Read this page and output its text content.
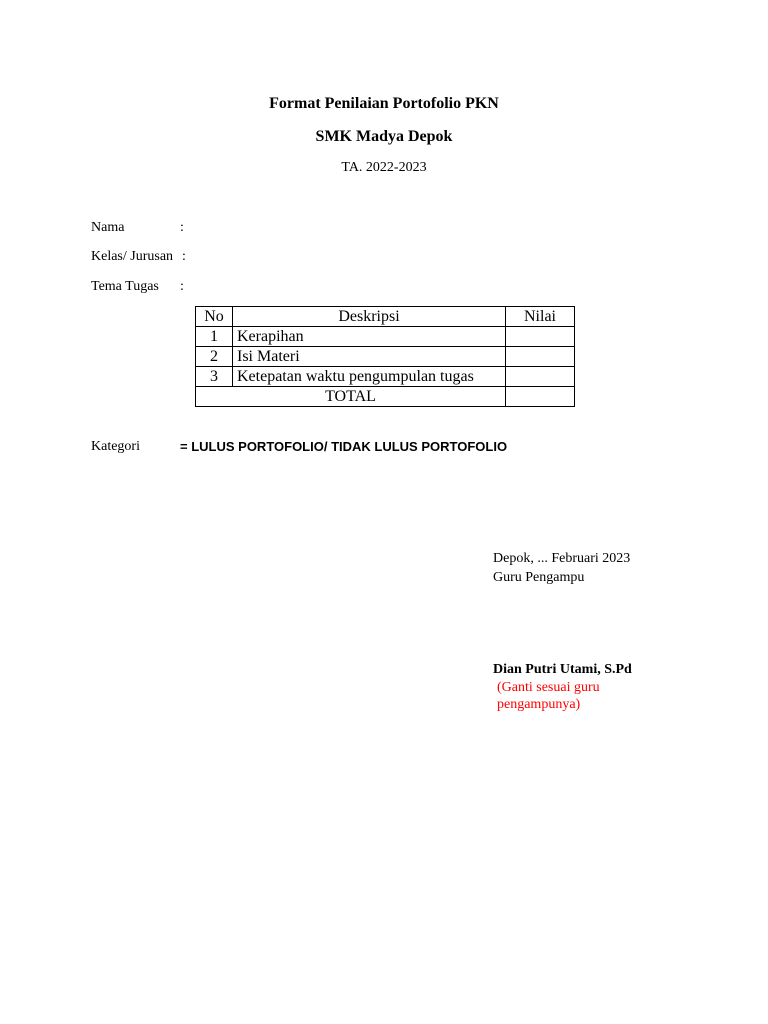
Format Penilaian Portofolio PKN
SMK Madya Depok
TA. 2022-2023
Nama	:
Kelas/ Jurusan :
Tema Tugas :
No	Deskripsi	Nilai
1	Kerapihan	
2	Isi Materi	
3	Ketepatan waktu pengumpulan tugas	
TOTAL		
Kategori	= LULUS PORTOFOLIO/ TIDAK LULUS PORTOFOLIO
Depok, ... Februari 2023
Guru Pengampu
Dian Putri Utami, S.Pd
(Ganti sesuai guru
pengampunya)
